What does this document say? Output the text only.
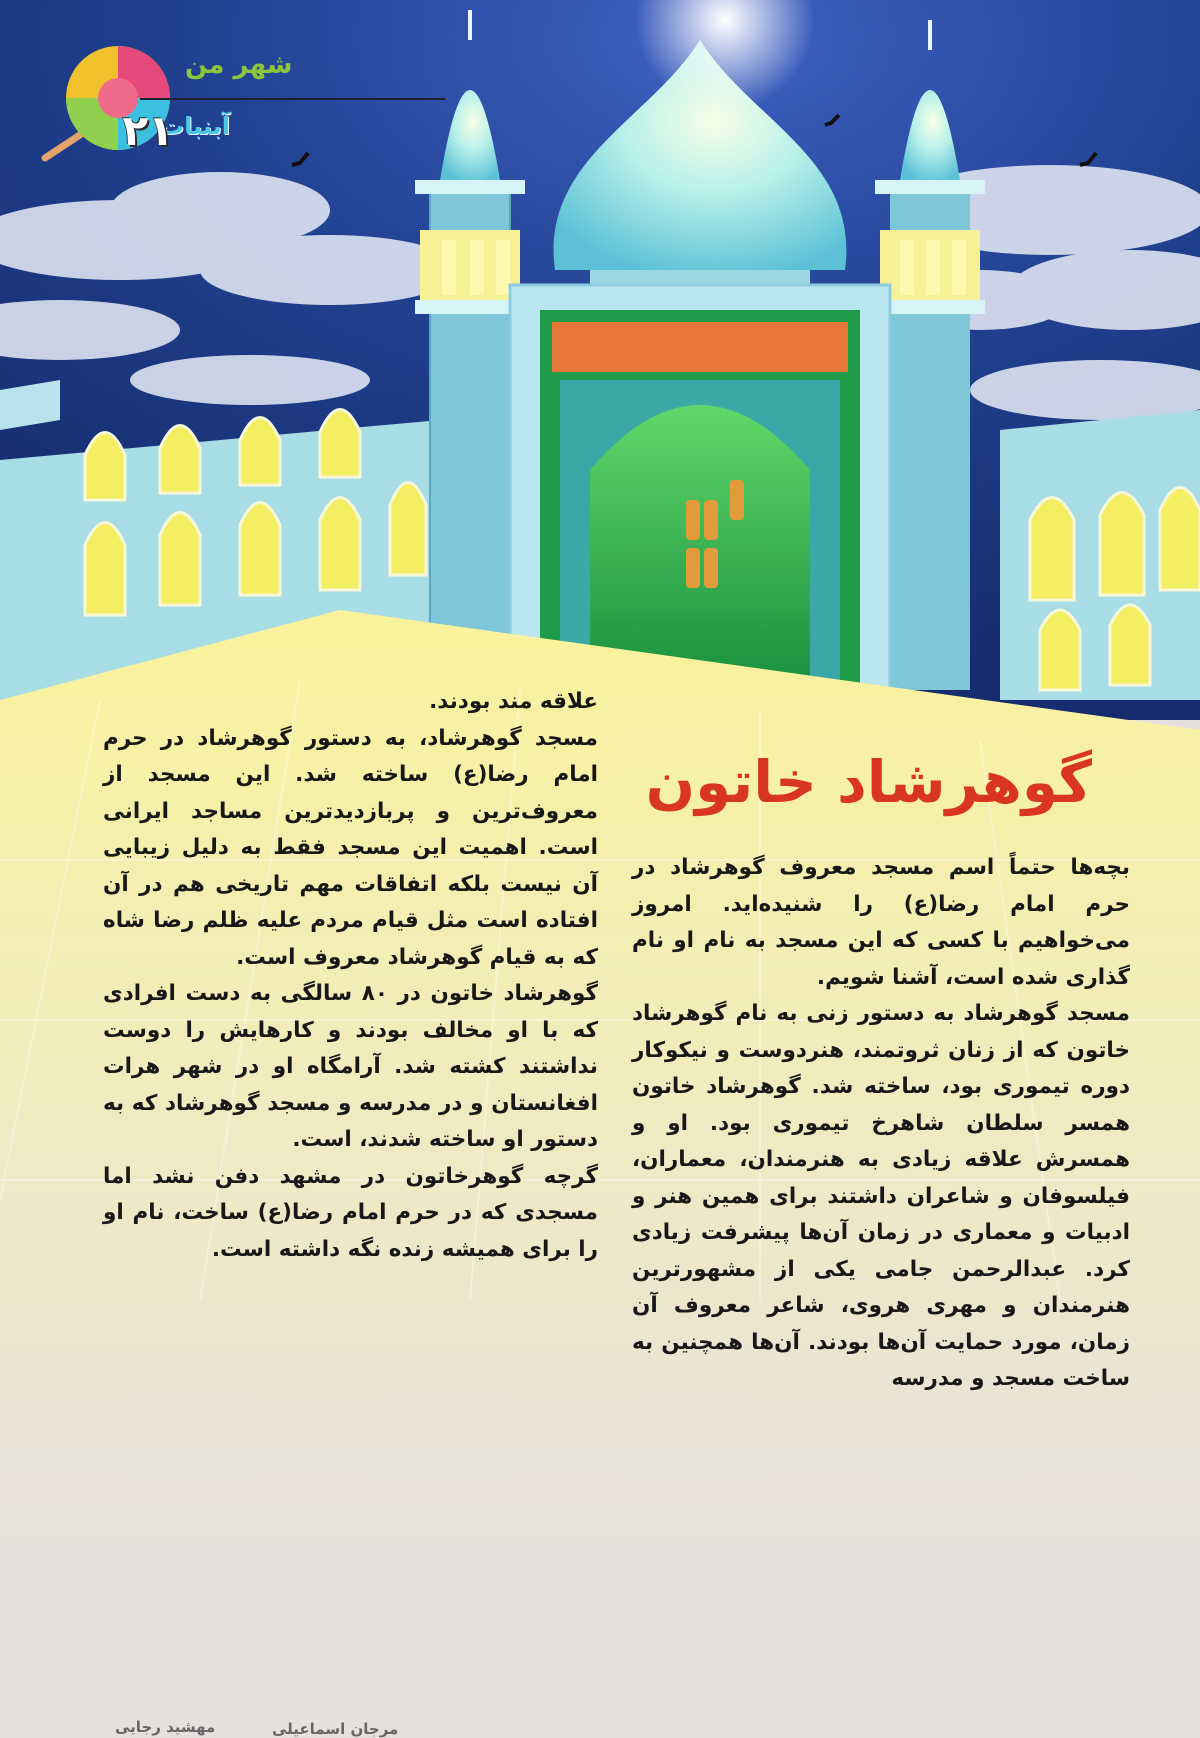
شهر من
آبنبات
۲۱
گوهرشاد خاتون

بچه‌ها حتماً اسم مسجد معروف گوهرشاد در حرم امام رضا(ع) را شنیده‌اید. امروز می‌خواهیم با کسی که این مسجد به نام او نام گذاری شده است، آشنا شویم.

مسجد گوهرشاد به دستور زنی به نام گوهرشاد خاتون که از زنان ثروتمند، هنردوست و نیکوکار دوره تیموری بود، ساخته شد. گوهرشاد خاتون همسر سلطان شاهرخ تیموری بود. او و همسرش علاقه زیادی به هنرمندان، معماران، فیلسوفان و شاعران داشتند برای همین هنر و ادبیات و معماری در زمان آن‌ها پیشرفت زیادی کرد. عبدالرحمن جامی یکی از مشهورترین هنرمندان و مهری هروی، شاعر معروف آن زمان، مورد حمایت آن‌ها بودند. آن‌ها همچنین به ساخت مسجد و مدرسه

علاقه مند بودند.

مسجد گوهرشاد، به دستور گوهرشاد در حرم امام رضا(ع) ساخته شد. این مسجد از معروف‌ترین و پربازدیدترین مساجد ایرانی است. اهمیت این مسجد فقط به دلیل زیبایی آن نیست بلکه اتفاقات مهم تاریخی هم در آن افتاده است مثل قیام مردم علیه ظلم رضا شاه که به قیام گوهرشاد معروف است.

گوهرشاد خاتون در ۸۰ سالگی به دست افرادی که با او مخالف بودند و کارهایش را دوست نداشتند کشته شد. آرامگاه او در شهر هرات افغانستان و در مدرسه و مسجد گوهرشاد که به دستور او ساخته شدند، است.

گرچه گوهرخاتون در مشهد دفن نشد اما مسجدی که در حرم امام رضا(ع) ساخت، نام او را برای همیشه زنده نگه داشته است.

مرجان اسماعیلی
مهشید رجایی
